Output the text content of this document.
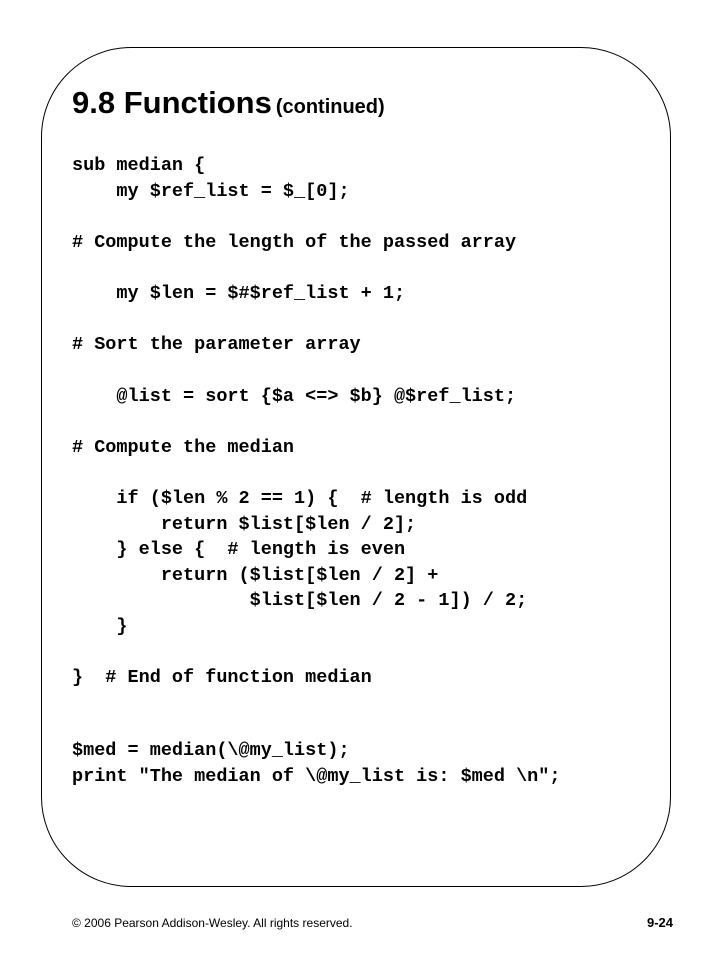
9.8 Functions (continued)
sub median {
my $ref_list = $_[0];
# Compute the length of the passed array
my $len = $#$ref_list + 1;
# Sort the parameter array
@list = sort {$a <=> $b} @$ref_list;
# Compute the median
if ($len % 2 == 1) {  # length is odd
return $list[$len / 2];
} else {  # length is even
return ($list[$len / 2] +
$list[$len / 2 - 1]) / 2;
}
}  # End of function median
$med = median(\@my_list);
print "The median of \@my_list is: $med \n";
© 2006 Pearson Addison-Wesley. All rights reserved.	9-24
